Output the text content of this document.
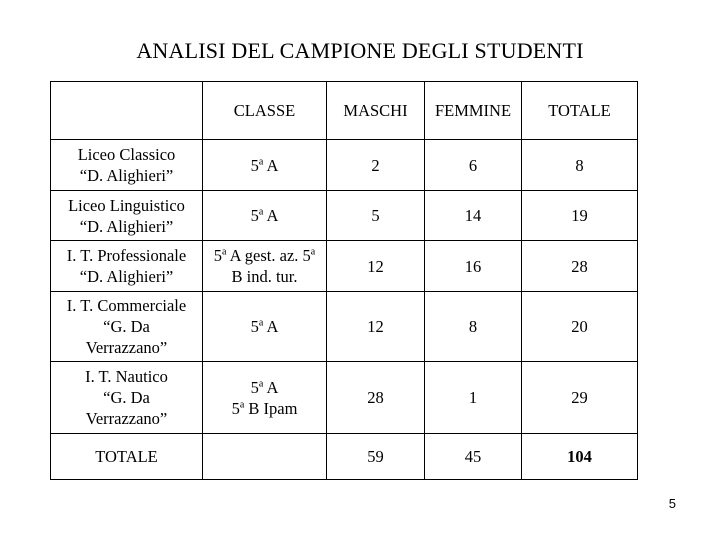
ANALISI DEL CAMPIONE DEGLI STUDENTI
	CLASSE	MASCHI	FEMMINE	TOTALE

Liceo Classico
“D. Alighieri”	5$^a$ A	2	6	8

Liceo Linguistico
“D. Alighieri”	5$^a$ A	5	14	19

I. T. Professionale
“D. Alighieri”	5$^a$ A gest. az. 5$^a$
B ind. tur.	12	16	28

I. T. Commerciale
“G. Da
Verrazzano”	5$^a$ A	12	8	20

I. T. Nautico
“G. Da
Verrazzano”	5$^a$ A
5$^a$ B Ipam	28	1	29
TOTALE		59	45	104
5
